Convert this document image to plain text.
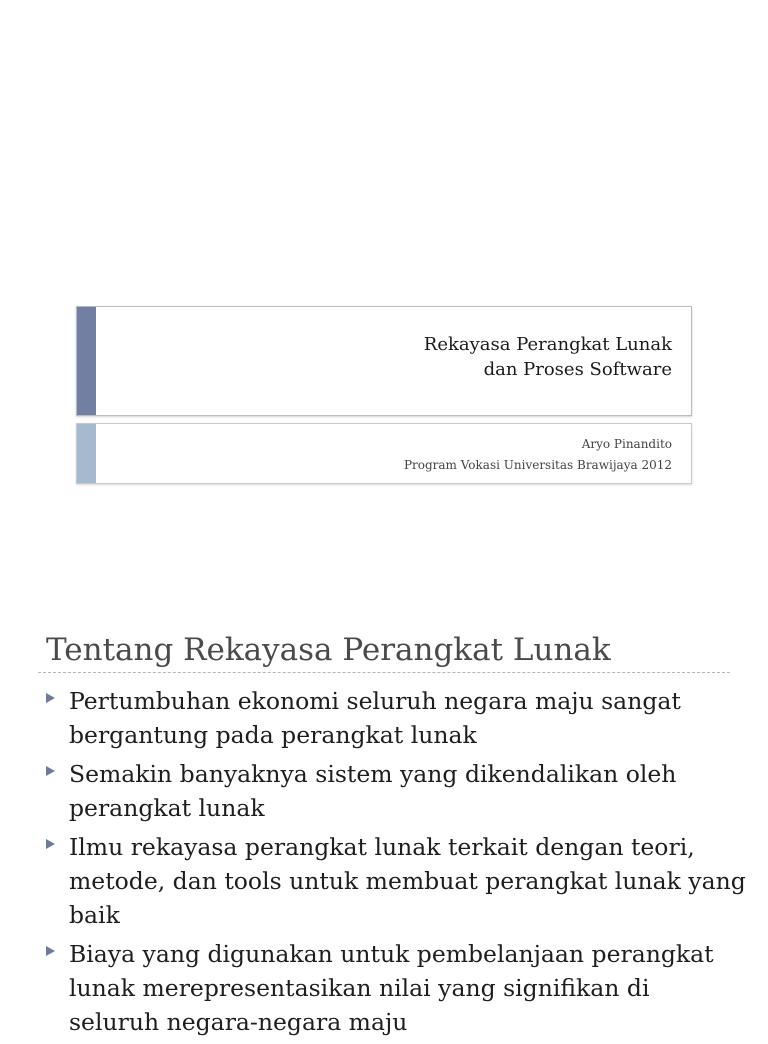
Rekayasa Perangkat Lunak
dan Proses Software
Aryo Pinandito
Program Vokasi Universitas Brawijaya 2012
Tentang Rekayasa Perangkat Lunak
Pertumbuhan ekonomi seluruh negara maju sangat bergantung pada perangkat lunak
Semakin banyaknya sistem yang dikendalikan oleh perangkat lunak
Ilmu rekayasa perangkat lunak terkait dengan teori, metode, dan tools untuk membuat perangkat lunak yang baik
Biaya yang digunakan untuk pembelanjaan perangkat lunak merepresentasikan nilai yang signifikan di seluruh negara-negara maju
